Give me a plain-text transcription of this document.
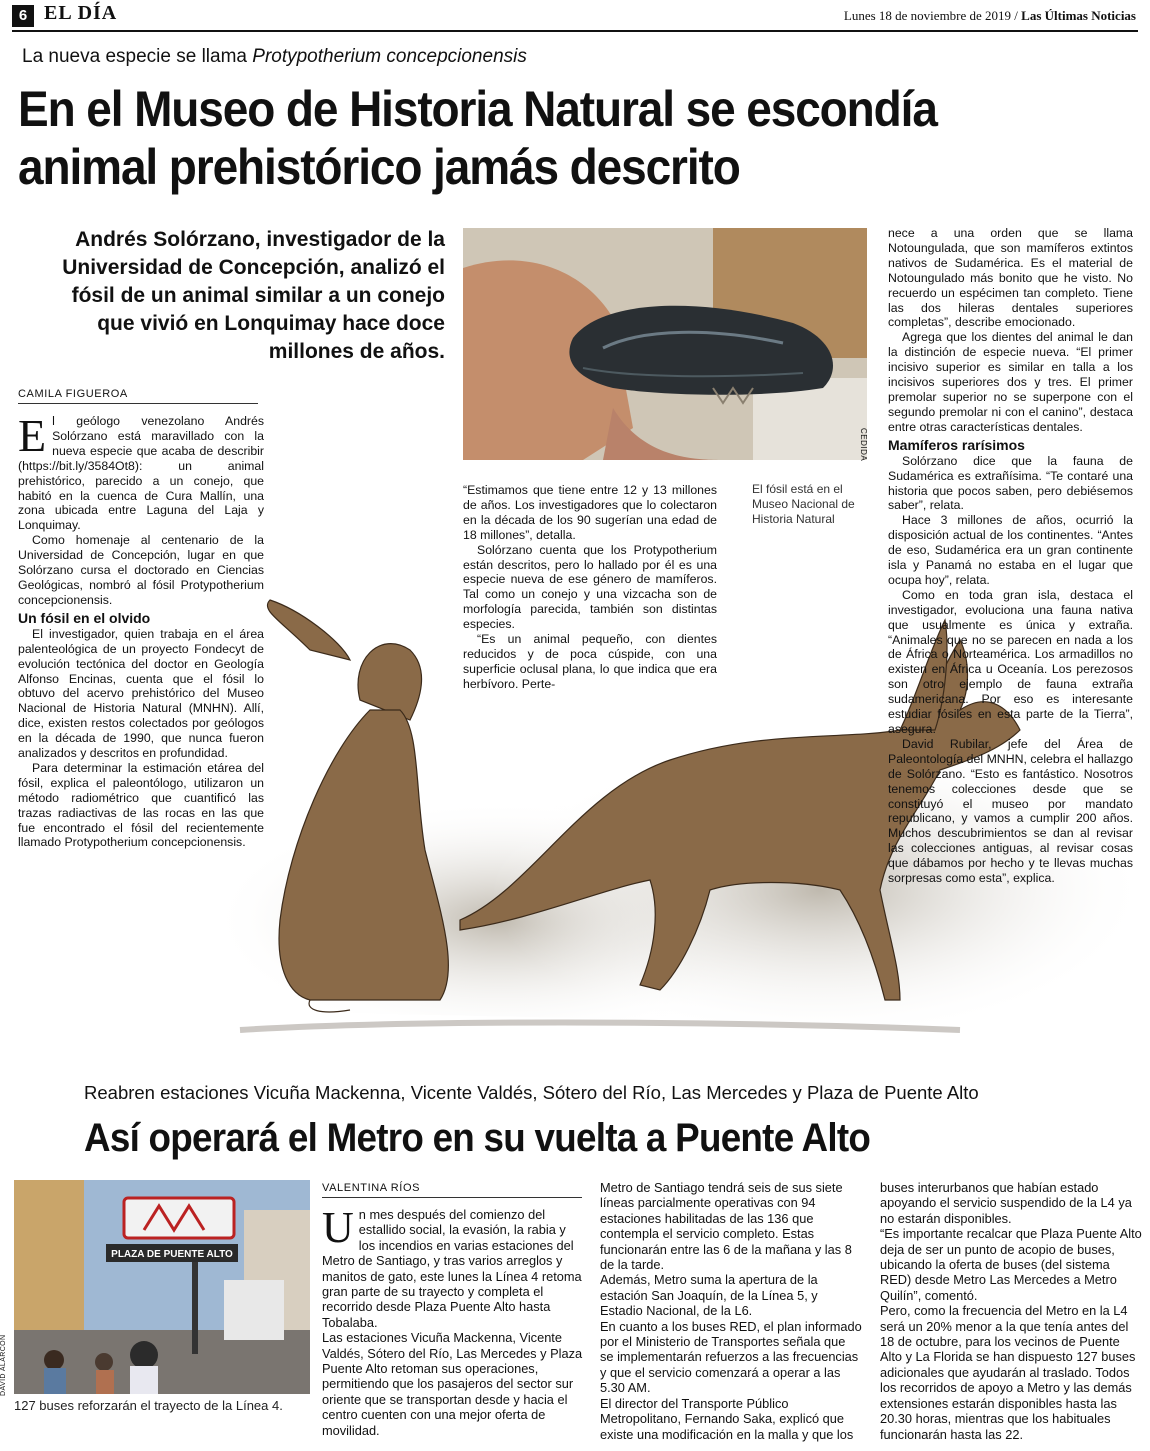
6 EL DÍA	Lunes 18 de noviembre de 2019 / Las Últimas Noticias
La nueva especie se llama Protypotherium concepcionensis
En el Museo de Historia Natural se escondía animal prehistórico jamás descrito
Andrés Solórzano, investigador de la Universidad de Concepción, analizó el fósil de un animal similar a un conejo que vivió en Lonquimay hace doce millones de años.
CAMILA FIGUEROA

El geólogo venezolano Andrés Solórzano está maravillado con la nueva especie que acaba de describir (https://bit.ly/3584Ot8): un animal prehistórico, parecido a un conejo, que habitó en la cuenca de Cura Mallín, una zona ubicada entre Laguna del Laja y Lonquimay.

Como homenaje al centenario de la Universidad de Concepción, lugar en que Solórzano cursa el doctorado en Ciencias Geológicas, nombró al fósil Protypotherium concepcionensis.

Un fósil en el olvido

El investigador, quien trabaja en el área palenteológica de un proyecto Fondecyt de evolución tectónica del doctor en Geología Alfonso Encinas, cuenta que el fósil lo obtuvo del acervo prehistórico del Museo Nacional de Historia Natural (MNHN). Allí, dice, existen restos colectados por geólogos en la década de 1990, que nunca fueron analizados y descritos en profundidad.

Para determinar la estimación etárea del fósil, explica el paleontólogo, utilizaron un método radiométrico que cuantificó las trazas radiactivas de las rocas en las que fue encontrado el fósil del recientemente llamado Protypotherium concepcionensis.

CEDIDA
El fósil está en el Museo Nacional de Historia Natural

“Estimamos que tiene entre 12 y 13 millones de años. Los investigadores que lo colectaron en la década de los 90 sugerían una edad de 18 millones”, detalla.

Solórzano cuenta que los Protypotherium están descritos, pero lo hallado por él es una especie nueva de ese género de mamíferos. Tal como un conejo y una vizcacha son de morfología parecida, también son distintas especies.

“Es un animal pequeño, con dientes reducidos y de poca cúspide, con una superficie oclusal plana, lo que indica que era herbívoro. Perte-

nece a una orden que se llama Notoungulada, que son mamíferos extintos nativos de Sudamérica. Es el material de Notoungulado más bonito que he visto. No recuerdo un espécimen tan completo. Tiene las dos hileras dentales superiores completas”, describe emocionado.

Agrega que los dientes del animal le dan la distinción de especie nueva. “El primer incisivo superior es similar en talla a los incisivos superiores dos y tres. El primer premolar superior no se superpone con el segundo premolar ni con el canino”, destaca entre otras características dentales.

Mamíferos rarísimos

Solórzano dice que la fauna de Sudamérica es extrañísima. “Te contaré una historia que pocos saben, pero debiésemos saber”, relata.

Hace 3 millones de años, ocurrió la disposición actual de los continentes. “Antes de eso, Sudamérica era un gran continente isla y Panamá no estaba en el lugar que ocupa hoy”, relata.

Como en toda gran isla, destaca el investigador, evoluciona una fauna nativa que usualmente es única y extraña. “Animales que no se parecen en nada a los de África o Norteamérica. Los armadillos no existen en África u Oceanía. Los perezosos son otro ejemplo de fauna extraña sudamericana. Por eso es interesante estudiar fósiles en esta parte de la Tierra”, asegura.

David Rubilar, jefe del Área de Paleontología del MNHN, celebra el hallazgo de Solórzano. “Esto es fantástico. Nosotros tenemos colecciones desde que se constituyó el museo por mandato republicano, y vamos a cumplir 200 años. Muchos descubrimientos se dan al revisar las colecciones antiguas, al revisar cosas que dábamos por hecho y te llevas muchas sorpresas como esta”, explica.

Reabren estaciones Vicuña Mackenna, Vicente Valdés, Sótero del Río, Las Mercedes y Plaza de Puente Alto
Así operará el Metro en su vuelta a Puente Alto
PLAZA DE PUENTE ALTO
DAVID ALARCÓN
127 buses reforzarán el trayecto de la Línea 4.
VALENTINA RÍOS

Un mes después del comienzo del estallido social, la evasión, la rabia y los incendios en varias estaciones del Metro de Santiago, y tras varios arreglos y manitos de gato, este lunes la Línea 4 retoma gran parte de su trayecto y completa el recorrido desde Plaza Puente Alto hasta Tobalaba.

Las estaciones Vicuña Mackenna, Vicente Valdés, Sótero del Río, Las Mercedes y Plaza Puente Alto retoman sus operaciones, permitiendo que los pasajeros del sector sur oriente que se transportan desde y hacia el centro cuenten con una mejor oferta de movilidad.

Metro de Santiago tendrá seis de sus siete líneas parcialmente operativas con 94 estaciones habilitadas de las 136 que contempla el servicio completo. Estas funcionarán entre las 6 de la mañana y las 8 de la tarde.

Además, Metro suma la apertura de la estación San Joaquín, de la Línea 5, y Estadio Nacional, de la L6.

En cuanto a los buses RED, el plan informado por el Ministerio de Transportes señala que se implementarán refuerzos a las frecuencias y que el servicio comenzará a operar a las 5.30 AM.

El director del Transporte Público Metropolitano, Fernando Saka, explicó que existe una modificación en la malla y que los

buses interurbanos que habían estado apoyando el servicio suspendido de la L4 ya no estarán disponibles.

“Es importante recalcar que Plaza Puente Alto deja de ser un punto de acopio de buses, ubicando la oferta de buses (del sistema RED) desde Metro Las Mercedes a Metro Quilín”, comentó.

Pero, como la frecuencia del Metro en la L4 será un 20% menor a la que tenía antes del 18 de octubre, para los vecinos de Puente Alto y La Florida se han dispuesto 127 buses adicionales que ayudarán al traslado. Todos los recorridos de apoyo a Metro y las demás extensiones estarán disponibles hasta las 20.30 horas, mientras que los habituales funcionarán hasta las 22.
